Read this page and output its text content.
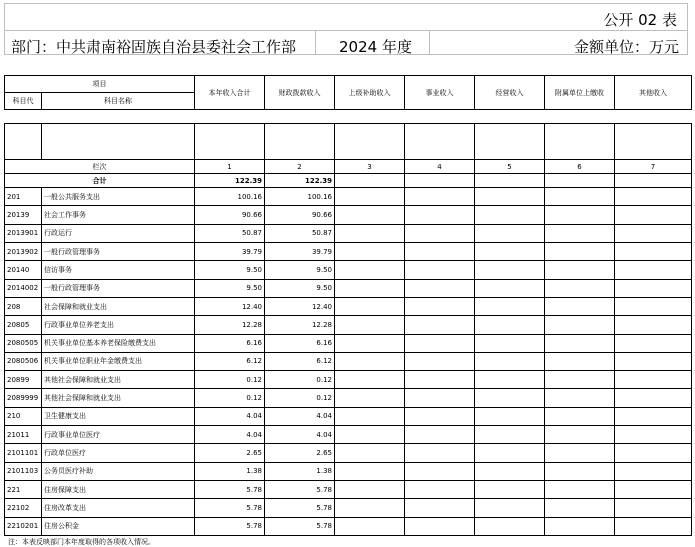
公开 02 表
部门：中共肃南裕固族自治县委社会工作部	2024 年度	金额单位：万元
项目		本年收入合计	财政拨款收入	上级补助收入	事业收入	经营收入	附属单位上缴收	其他收入
科目代	科目名称							

栏次		1	2	3	4	5	6	7
合计		122.39	122.39					
201	一般公共服务支出	100.16	100.16					
20139	社会工作事务	90.66	90.66					
2013901	行政运行	50.87	50.87					
2013902	一般行政管理事务	39.79	39.79					
20140	信访事务	9.50	9.50					
2014002	一般行政管理事务	9.50	9.50					
208	社会保障和就业支出	12.40	12.40					
20805	行政事业单位养老支出	12.28	12.28					
2080505	机关事业单位基本养老保险缴费支出	6.16	6.16					
2080506	机关事业单位职业年金缴费支出	6.12	6.12					
20899	其他社会保障和就业支出	0.12	0.12					
2089999	其他社会保障和就业支出	0.12	0.12					
210	卫生健康支出	4.04	4.04					
21011	行政事业单位医疗	4.04	4.04					
2101101	行政单位医疗	2.65	2.65					
2101103	公务员医疗补助	1.38	1.38					
221	住房保障支出	5.78	5.78					
22102	住房改革支出	5.78	5.78					
2210201	住房公积金	5.78	5.78					
注：本表反映部门本年度取得的各项收入情况。
